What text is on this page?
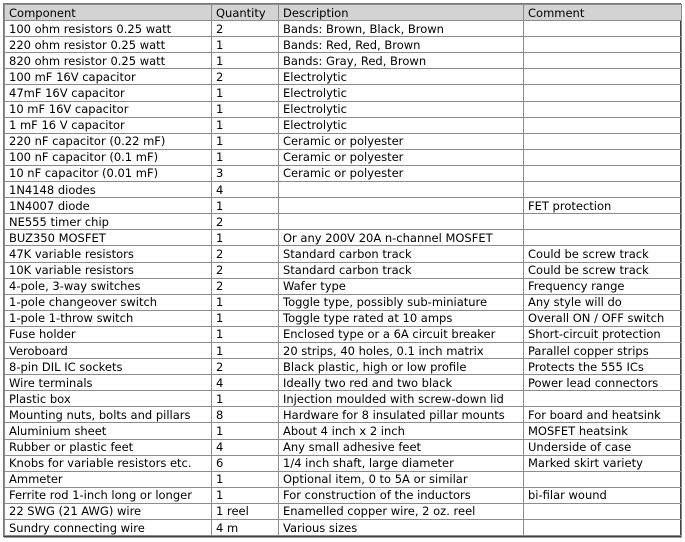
Component	Quantity	Description	Comment
100 ohm resistors 0.25 watt	2	Bands: Brown, Black, Brown	
220 ohm resistor 0.25 watt	1	Bands: Red, Red, Brown	
820 ohm resistor 0.25 watt	1	Bands: Gray, Red, Brown	
100 mF 16V capacitor	2	Electrolytic	
47mF 16V capacitor	1	Electrolytic	
10 mF 16V capacitor	1	Electrolytic	
1 mF 16 V capacitor	1	Electrolytic	
220 nF capacitor (0.22 mF)	1	Ceramic or polyester	
100 nF capacitor (0.1 mF)	1	Ceramic or polyester	
10 nF capacitor (0.01 mF)	3	Ceramic or polyester	
1N4148 diodes	4		
1N4007 diode	1		FET protection
NE555 timer chip	2		
BUZ350 MOSFET	1	Or any 200V 20A n-channel MOSFET	
47K variable resistors	2	Standard carbon track	Could be screw track
10K variable resistors	2	Standard carbon track	Could be screw track
4-pole, 3-way switches	2	Wafer type	Frequency range
1-pole changeover switch	1	Toggle type, possibly sub-miniature	Any style will do
1-pole 1-throw switch	1	Toggle type rated at 10 amps	Overall ON / OFF switch
Fuse holder	1	Enclosed type or a 6A circuit breaker	Short-circuit protection
Veroboard	1	20 strips, 40 holes, 0.1 inch matrix	Parallel copper strips
8-pin DIL IC sockets	2	Black plastic, high or low profile	Protects the 555 ICs
Wire terminals	4	Ideally two red and two black	Power lead connectors
Plastic box	1	Injection moulded with screw-down lid	
Mounting nuts, bolts and pillars	8	Hardware for 8 insulated pillar mounts	For board and heatsink
Aluminium sheet	1	About 4 inch x 2 inch	MOSFET heatsink
Rubber or plastic feet	4	Any small adhesive feet	Underside of case
Knobs for variable resistors etc.	6	1/4 inch shaft, large diameter	Marked skirt variety
Ammeter	1	Optional item, 0 to 5A or similar	
Ferrite rod 1-inch long or longer	1	For construction of the inductors	bi-filar wound
22 SWG (21 AWG) wire	1 reel	Enamelled copper wire, 2 oz. reel	
Sundry connecting wire	4 m	Various sizes	
